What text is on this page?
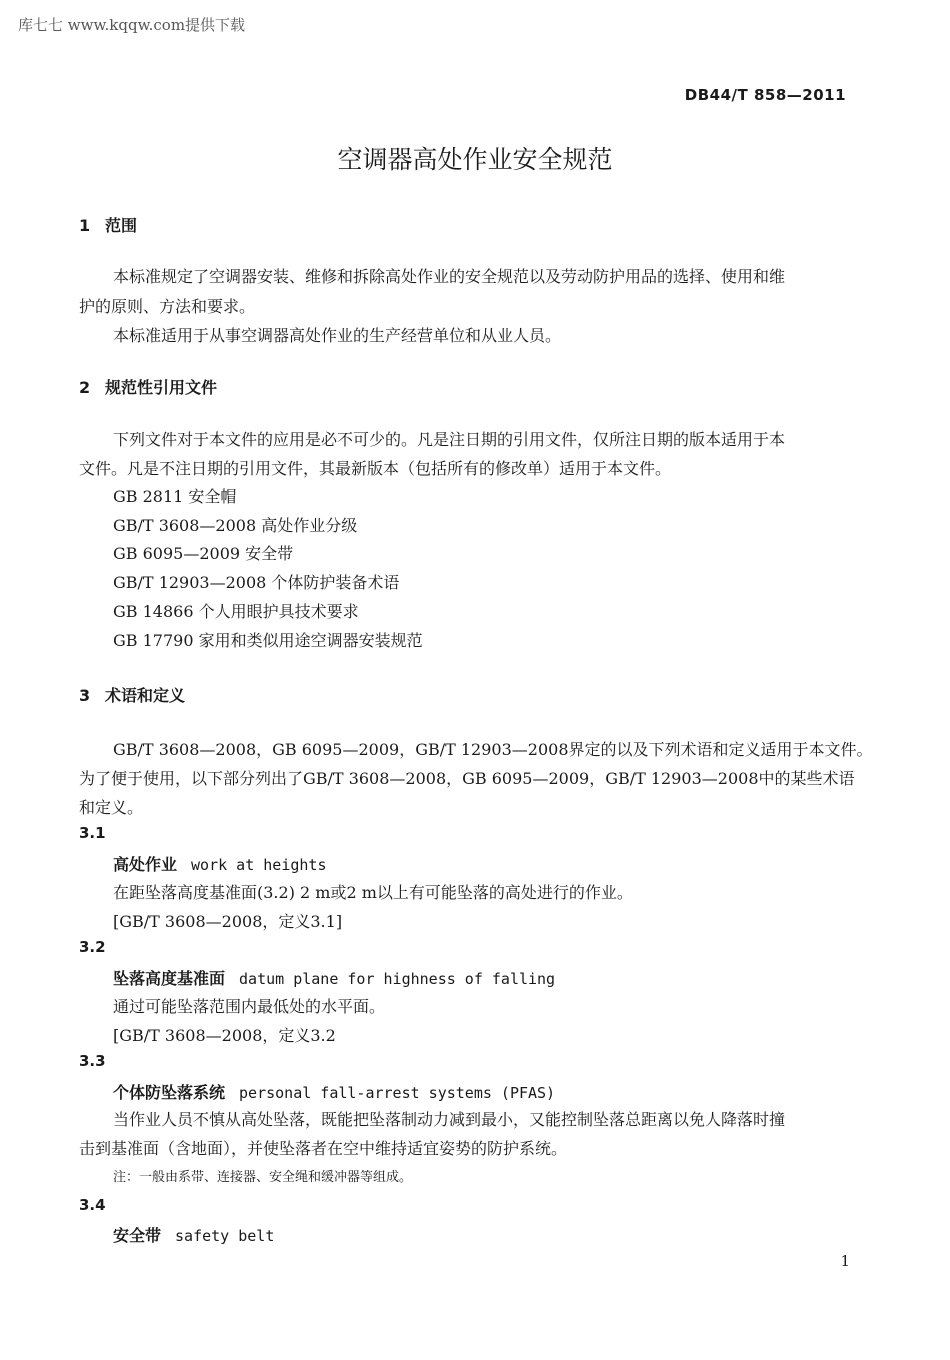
库七七 www.kqqw.com提供下载
DB44/T 858—2011
空调器高处作业安全规范
1 范围
本标准规定了空调器安装、维修和拆除高处作业的安全规范以及劳动防护用品的选择、使用和维
护的原则、方法和要求。
本标准适用于从事空调器高处作业的生产经营单位和从业人员。
2 规范性引用文件
下列文件对于本文件的应用是必不可少的。凡是注日期的引用文件，仅所注日期的版本适用于本
文件。凡是不注日期的引用文件，其最新版本（包括所有的修改单）适用于本文件。
GB 2811 安全帽
GB/T 3608—2008 高处作业分级
GB 6095—2009 安全带
GB/T 12903—2008 个体防护装备术语
GB 14866 个人用眼护具技术要求
GB 17790 家用和类似用途空调器安装规范
3 术语和定义
GB/T 3608—2008，GB 6095—2009，GB/T 12903—2008界定的以及下列术语和定义适用于本文件。
为了便于使用，以下部分列出了GB/T 3608—2008，GB 6095—2009，GB/T 12903—2008中的某些术语
和定义。
3.1
高处作业 work at heights
在距坠落高度基准面(3.2) 2 m或2 m以上有可能坠落的高处进行的作业。
[GB/T 3608—2008，定义3.1]
3.2
坠落高度基准面 datum plane for highness of falling
通过可能坠落范围内最低处的水平面。
[GB/T 3608—2008，定义3.2
3.3
个体防坠落系统 personal fall-arrest systems (PFAS)
当作业人员不慎从高处坠落，既能把坠落制动力减到最小，又能控制坠落总距离以免人降落时撞
击到基准面（含地面），并使坠落者在空中维持适宜姿势的防护系统。
注：一般由系带、连接器、安全绳和缓冲器等组成。
3.4
安全带 safety belt
1
